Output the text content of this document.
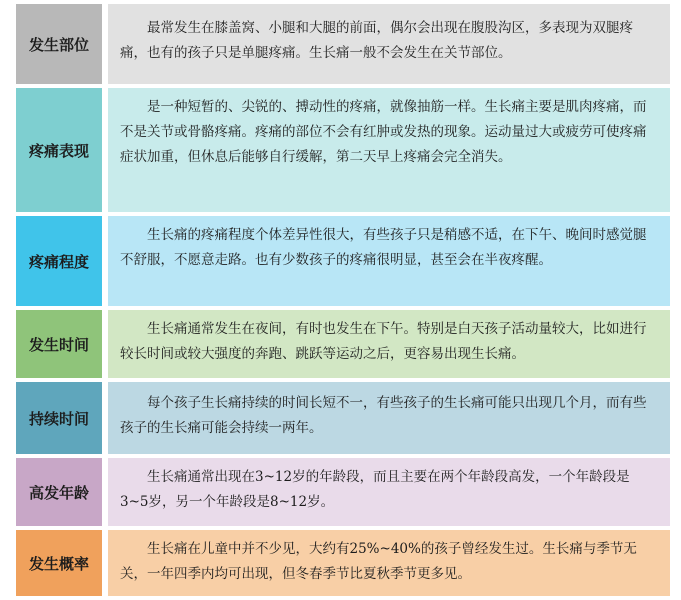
发生部位
最常发生在膝盖窝、小腿和大腿的前面，偶尔会出现在腹股沟区，多表现为双腿疼痛，也有的孩子只是单腿疼痛。生长痛一般不会发生在关节部位。
疼痛表现
是一种短暂的、尖锐的、搏动性的疼痛，就像抽筋一样。生长痛主要是肌肉疼痛，而不是关节或骨骼疼痛。疼痛的部位不会有红肿或发热的现象。运动量过大或疲劳可使疼痛症状加重，但休息后能够自行缓解，第二天早上疼痛会完全消失。
疼痛程度
生长痛的疼痛程度个体差异性很大，有些孩子只是稍感不适，在下午、晚间时感觉腿不舒服，不愿意走路。也有少数孩子的疼痛很明显，甚至会在半夜疼醒。
发生时间
生长痛通常发生在夜间，有时也发生在下午。特别是白天孩子活动量较大，比如进行较长时间或较大强度的奔跑、跳跃等运动之后，更容易出现生长痛。
持续时间
每个孩子生长痛持续的时间长短不一，有些孩子的生长痛可能只出现几个月，而有些孩子的生长痛可能会持续一两年。
高发年龄
生长痛通常出现在3~12岁的年龄段，而且主要在两个年龄段高发，一个年龄段是3~5岁，另一个年龄段是8~12岁。
发生概率
生长痛在儿童中并不少见，大约有25%~40%的孩子曾经发生过。生长痛与季节无关，一年四季内均可出现，但冬春季节比夏秋季节更多见。
